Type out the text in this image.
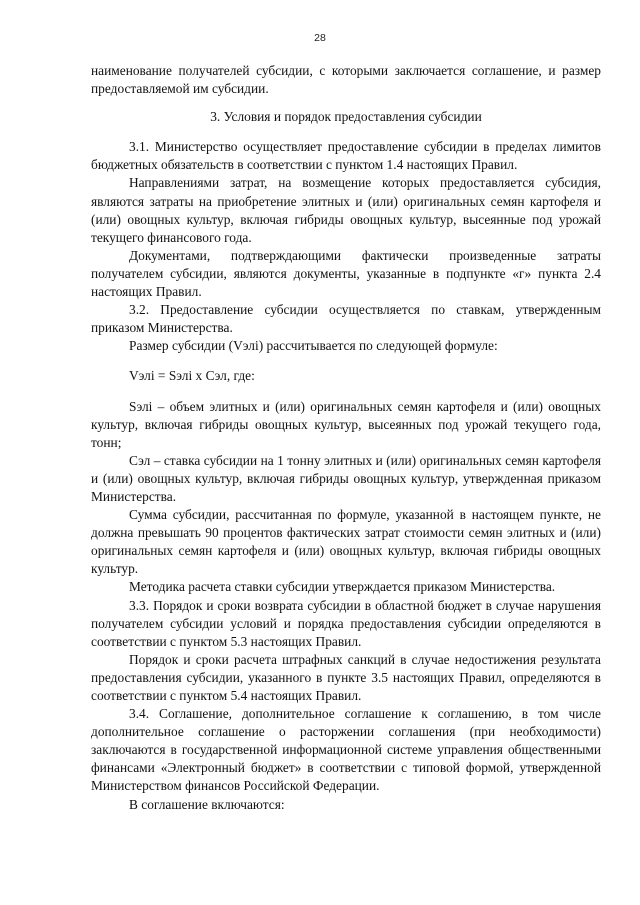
28

наименование получателей субсидии, с которыми заключается соглашение, и размер предоставляемой им субсидии.

3. Условия и порядок предоставления субсидии

3.1. Министерство осуществляет предоставление субсидии в пределах лимитов бюджетных обязательств в соответствии с пунктом 1.4 настоящих Правил.

Направлениями затрат, на возмещение которых предоставляется субсидия, являются затраты на приобретение элитных и (или) оригинальных семян картофеля и (или) овощных культур, включая гибриды овощных культур, высеянные под урожай текущего финансового года.

Документами, подтверждающими фактически произведенные затраты получателем субсидии, являются документы, указанные в подпункте «г» пункта 2.4 настоящих Правил.

3.2. Предоставление субсидии осуществляется по ставкам, утвержденным приказом Министерства.

Размер субсидии (Vэлi) рассчитывается по следующей формуле:

Vэлi = Sэлi х Сэл, где:

Sэлi – объем элитных и (или) оригинальных семян картофеля и (или) овощных культур, включая гибриды овощных культур, высеянных под урожай текущего года, тонн;

Сэл – ставка субсидии на 1 тонну элитных и (или) оригинальных семян картофеля и (или) овощных культур, включая гибриды овощных культур, утвержденная приказом Министерства.

Сумма субсидии, рассчитанная по формуле, указанной в настоящем пункте, не должна превышать 90 процентов фактических затрат стоимости семян элитных и (или) оригинальных семян картофеля и (или) овощных культур, включая гибриды овощных культур.

Методика расчета ставки субсидии утверждается приказом Министерства.

3.3. Порядок и сроки возврата субсидии в областной бюджет в случае нарушения получателем субсидии условий и порядка предоставления субсидии определяются в соответствии с пунктом 5.3 настоящих Правил.

Порядок и сроки расчета штрафных санкций в случае недостижения результата предоставления субсидии, указанного в пункте 3.5 настоящих Правил, определяются в соответствии с пунктом 5.4 настоящих Правил.

3.4. Соглашение, дополнительное соглашение к соглашению, в том числе дополнительное соглашение о расторжении соглашения (при необходимости) заключаются в государственной информационной системе управления общественными финансами «Электронный бюджет» в соответствии с типовой формой, утвержденной Министерством финансов Российской Федерации.

В соглашение включаются:
